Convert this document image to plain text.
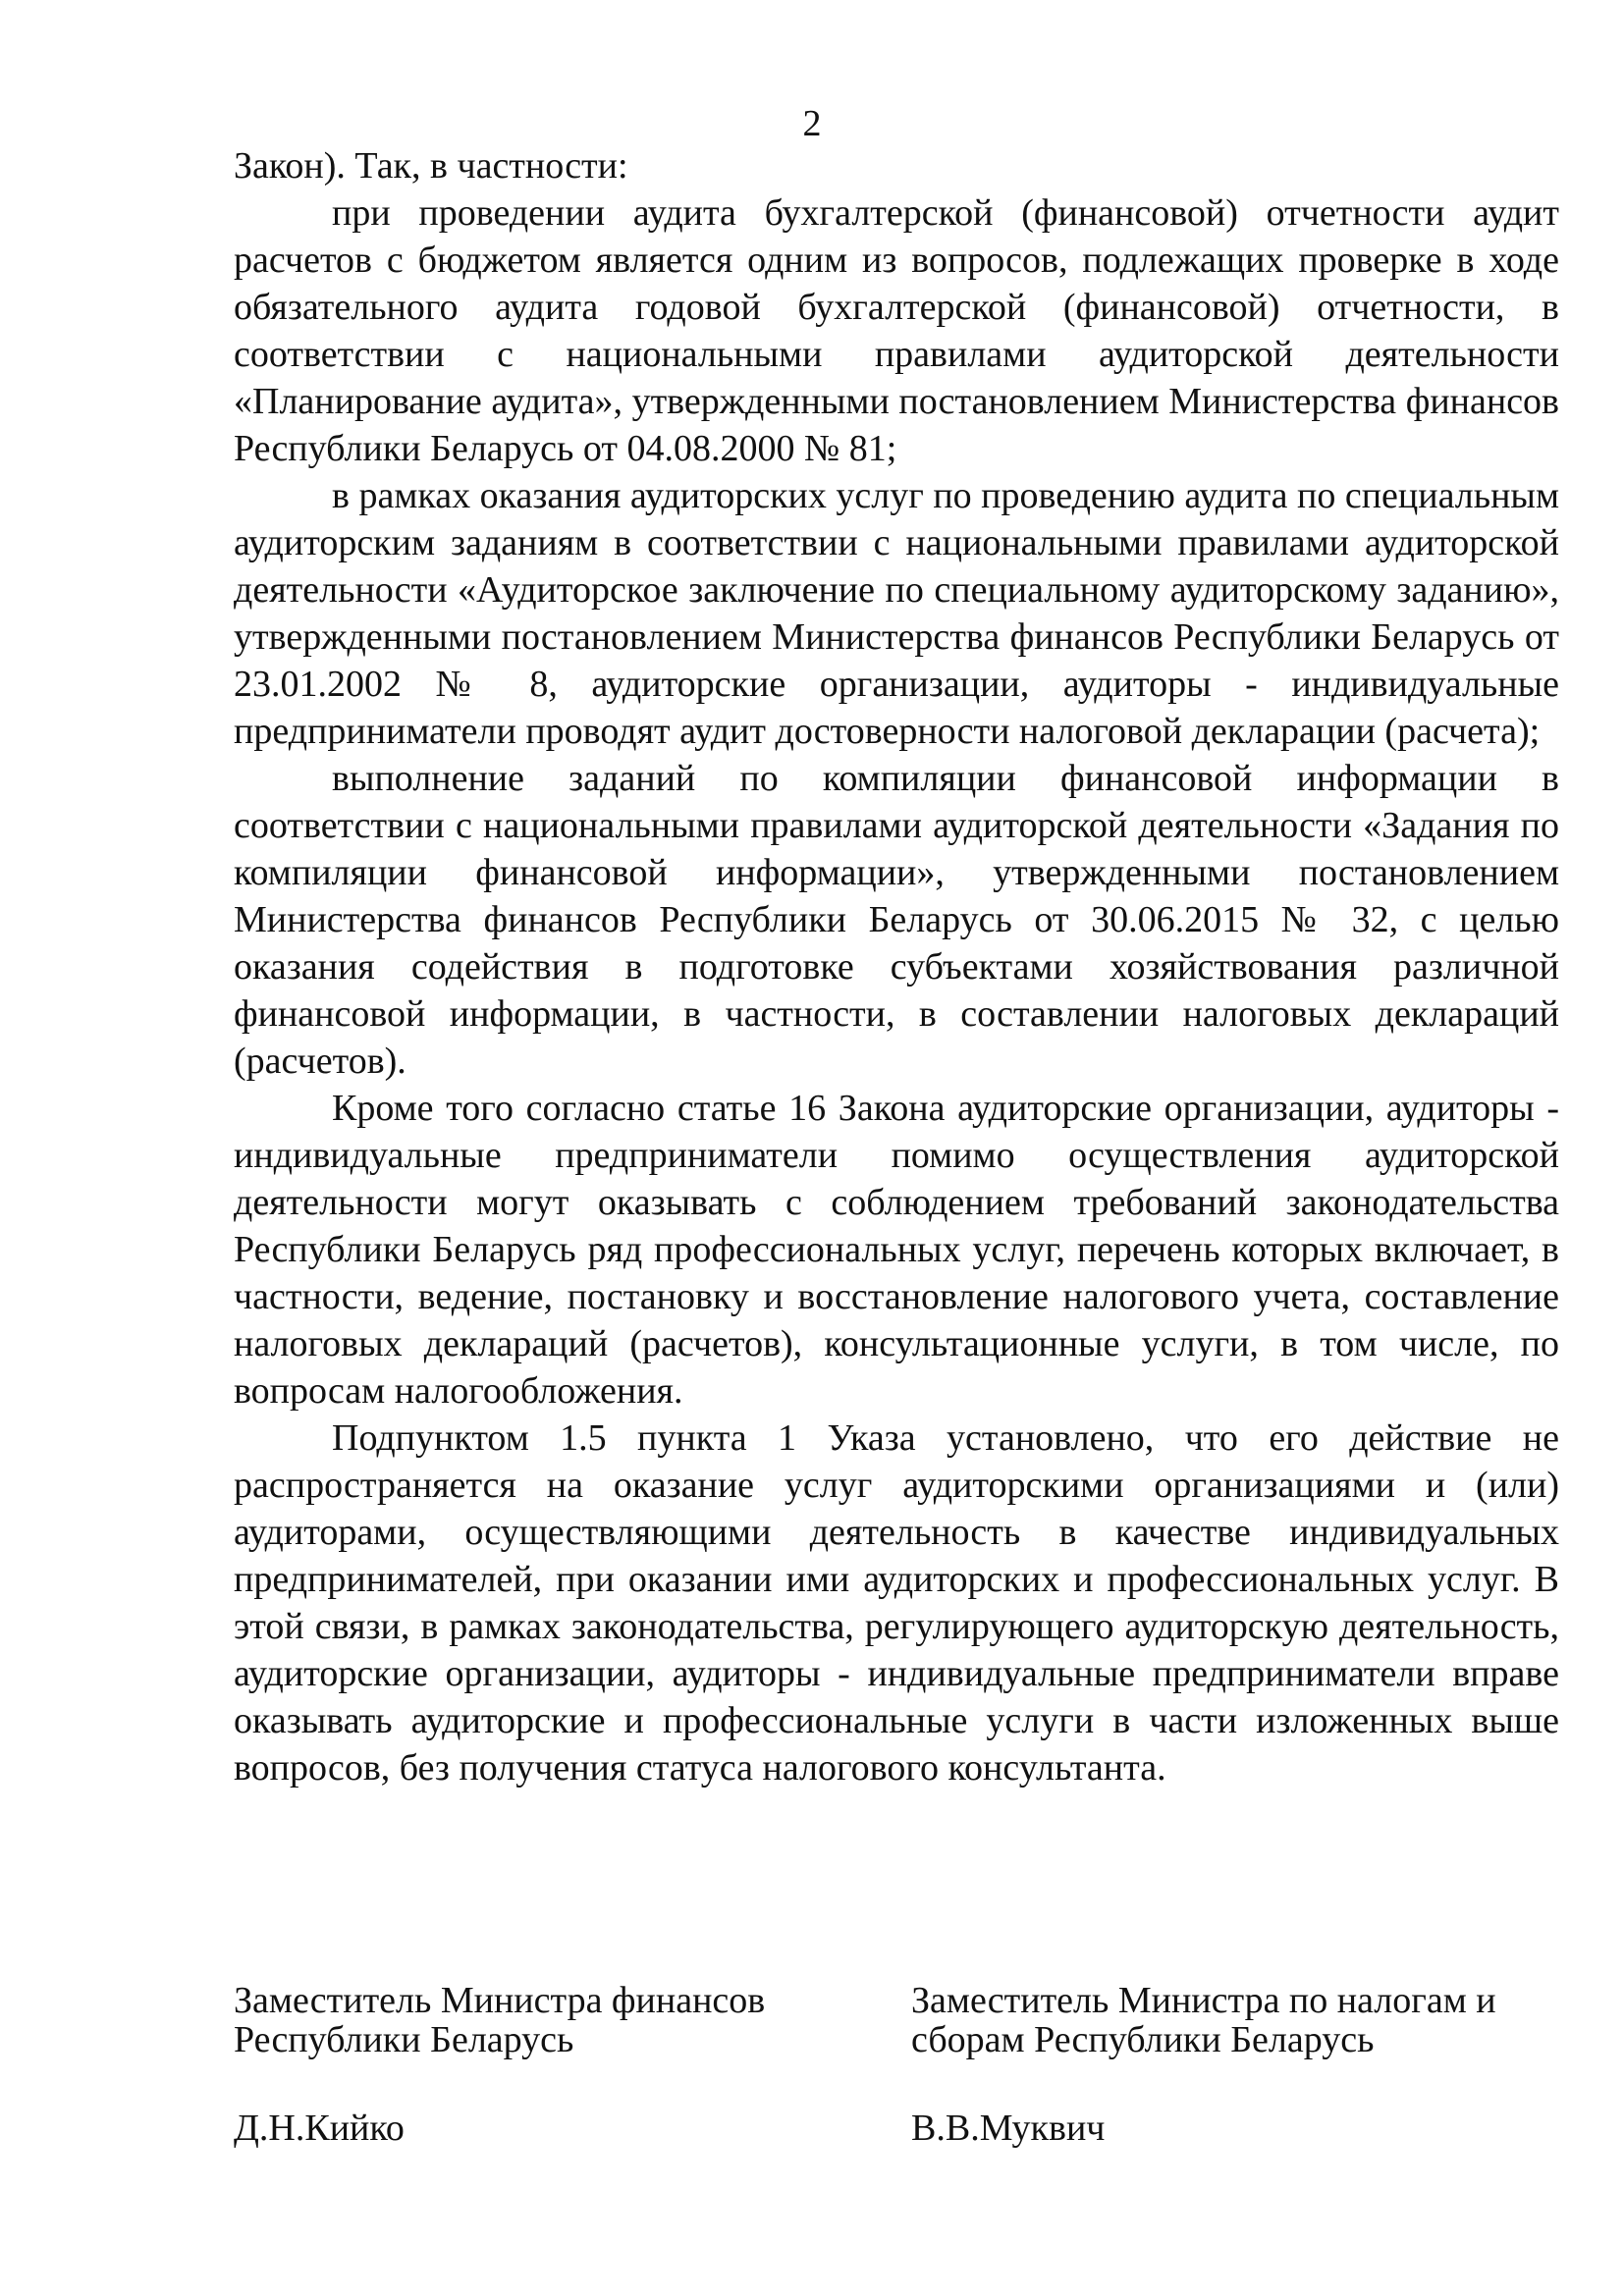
2

Закон). Так, в частности:

при проведении аудита бухгалтерской (финансовой) отчетности аудит расчетов с бюджетом является одним из вопросов, подлежащих проверке в ходе обязательного аудита годовой бухгалтерской (финансовой) отчетности, в соответствии с национальными правилами аудиторской деятельности «Планирование аудита», утвержденными постановлением Министерства финансов Республики Беларусь от 04.08.2000 № 81;

в рамках оказания аудиторских услуг по проведению аудита по специальным аудиторским заданиям в соответствии с национальными правилами аудиторской деятельности «Аудиторское заключение по специальному аудиторскому заданию», утвержденными постановлением Министерства финансов Республики Беларусь от 23.01.2002 № 8, аудиторские организации, аудиторы - индивидуальные предприниматели проводят аудит достоверности налоговой декларации (расчета);

выполнение заданий по компиляции финансовой информации в соответствии с национальными правилами аудиторской деятельности «Задания по компиляции финансовой информации», утвержденными постановлением Министерства финансов Республики Беларусь от 30.06.2015 № 32, с целью оказания содействия в подготовке субъектами хозяйствования различной финансовой информации, в частности, в составлении налоговых деклараций (расчетов).

Кроме того согласно статье 16 Закона аудиторские организации, аудиторы - индивидуальные предприниматели помимо осуществления аудиторской деятельности могут оказывать с соблюдением требований законодательства Республики Беларусь ряд профессиональных услуг, перечень которых включает, в частности, ведение, постановку и восстановление налогового учета, составление налоговых деклараций (расчетов), консультационные услуги, в том числе, по вопросам налогообложения.

Подпунктом 1.5 пункта 1 Указа установлено, что его действие не распространяется на оказание услуг аудиторскими организациями и (или) аудиторами, осуществляющими деятельность в качестве индивидуальных предпринимателей, при оказании ими аудиторских и профессиональных услуг. В этой связи, в рамках законодательства, регулирующего аудиторскую деятельность, аудиторские организации, аудиторы - индивидуальные предприниматели вправе оказывать аудиторские и профессиональные услуги в части изложенных выше вопросов, без получения статуса налогового консультанта.

Заместитель Министра финансов

Республики Беларусь

Д.Н.Кийко

Заместитель Министра по налогам и

сборам Республики Беларусь

В.В.Муквич
